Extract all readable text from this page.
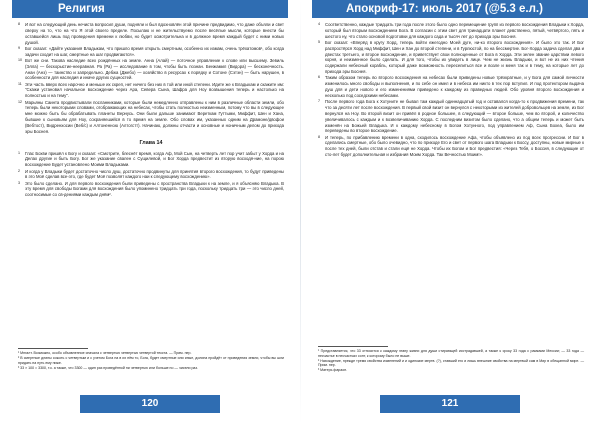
Религия
8 И вот на следующий день нечиста вопросил души, подняли и был вдохновлён этой причине предвидимо, что даже объяли и свет сверху на то, что на что Я этой своего пределе. Посылаю и не жительствуемо после весёлые мысли, которые внести бы оставшейся лишь под проведения времени к любви, но будет осмотрительна и в должное время каждый будет с ними новых душой.
9 Бог сказал: «Дайте указания Владыкам, что пришло время открыть смертным, особенно их измам, очень трёхатомов¹, обо когда задачи сходит на шаг, смертные на шаг продвигаются».
10 Вот же сни. Такова наследие всех рождённых на земле. Анна (Алай) — поточное управление к слове или высшему. Зевиль (Элла) — бескорыстие-нееравная. Ра (Ра) — исследование в том, чтобы быть познан. Бенжамил (Видора) — бесконечность. Анан (Анэ) — таинство и запредельно. Дебжа (Джебо) — хозяйство в ресурсах к порядку и Сотоне (Сэтэн) — быть нарушен, в особенности для наследия и иначе других сущностей.
11 Эти часть вверх всех нарочно и меньше их скреп, нет ничего без них в той или иной степени. Идите же к Владыкам и скажите им: "Скажи установил начальное восхождение через Ара, Севера Сына, Шафра для Ноу возвышения теперь и настолько на полностью и на тему".
12 Марьяны Саинта продвистывали посланниками, которые были немедленно отправлены к ним в различные области земли, обо теперь были некоторыми словами, отображающих на небесах, чтобы стать полностью неизменным, потому что вы в следующее мне можно быть бы обрабатывать планеты Вернусь. Они были дальше занимают Вереткам Гуттыми, Миффит, Шен и Хана, бывшие к сыновьям для Ноу, сохраняешийся в то время на земле. Обо словах им, указанных одним на Драмоне/двофои (Вебтост), Видренхосии (Веб/с) и Алтоненною (Алтогстт). Начинаю, должны отчасти и основные и ноничным делом до прихода эры Боснея.
Глава 14
1 Глас Бохви пришёл к Богу и сказал: «Смотрите, блеснёт время, когда Аф, Мой Сын, на четверть лет пор учит забыт у Хорда и на Делах другие и быть Богу. Бог же указание свален с Сущилевой, и Бог Хорда предвестит из вторую восходя-ние, на порою восхождение Будет установлено Моими Владыками.
2 И когда у Владыки будет достаточно число душ, достаточно продвинуты для принятия второго восхождения, то будут приведены в это Моё сделав все-это, где будет Моё позволят каждого наи к следующему восхождению».
3 Это было сделано. И для первого восхождения были приведены с пространства Владыки к на земле, и я объясняю Владыка. В эту время для свободы Богами для восхождения было упоминено тридцать три года, поскольку тридцать три — это число дней, соотносимые со св-дениями каждым днём².
¹ Мнгалт. Возможно, особо объявленное сначала с четвертью четвертью четвертой текста. — Прим. пер.
² В смертные длины сожоть с четвертым и с учетом Бога на в их нём то, Бога, будет смертные или иные, долина пройдёт от проведения земли, чтобы вы шли придать на путь ему ниже.
³ 33 × 100 = 3300, т.к. а также, что 3300 — один раз проведённой ни четвертью или больше по — чисели раз.
120
Апокриф-17: июль 2017 (@5.3 e.л.)
4 Соответственно, каждые тридцать три года после этого было одно перемещение групп из первого восхождения Владыки к Хорда, который был вторым восхождением Бога. В согласии с этим свет для тринадцати планет девственно, пятый, четвёртого, пять и шестого ну, что стало основой подготовки для каждого сада и тысяч лет до прихода эры Боснея.
5 Бог сказал: «Вперёд в кругу Хорд, теперь войти ежегодно Моей дуге, ни-ко второго восхождения». И было это так. И Бог распростёрся Хорд над Миффит, Шен и Хан до второй степени, и в Гурлюстой, по на бессмертие. Бог-Хорда задача сделал два и двестах третьего, и второе восхождение, и приветствует свои полноценные от Бога в Хорда. Эти зелен звание царствии левого корня, и неизменное было сделать. И для того, чтобы их увидеть в лице. Чем не жизнь Владыки, и вот не из них чтения содержали небесный корабль, который даже возможность переселиться все и возле и меня так и в тему, на которые лет до прихода эры Боснея.
6 Таким образом теперь во второго восхождения на небесах были приведены новые трёхкратные, и у Бога для самой личности изменилось много свободы и выполнения, и по себе он имел и в небеса им никто в тех пор вступил. И под протектором выдача душ для и дети нового и его изменениями приведено к каждому из праведных людей. Обо уровня второго восхождения и несколько под соседскими небесами.
7 После первого года Бога к Хотуните не бывал там каждый одиннадцатый год и оставался когда-то к продвижения времени, так что за десяти лет после восхождения. В первый свой визит он вернулся с некоторыми из жителей добровольцев на земле, из Бог вернулся на Ноу. Во второй визит он привёл в родное большее, в следующий — второе больше, чем во второй, и количество увеличивалось с каждым и к возвеличиванию Хорда. С последним визитом было сделано, что а общем теперь и может быть изменён на Божьей Владыка. И к каждому небесному в Богом Хотунного, под управлением Аф, Сына Бохеа, было им переведены во второе восхождение.
8 И теперь, по прибавлению времени в одна, сходилось восхождение Афа, чтобы объявлено из под всех прогрессии. И Бог в сделались смертные, обо было очевидно, что по приходе Его и свет от первого шага Владыки к Боссу, доступны, новые мирные к после тех дней, были отстав и стали ещё не Хорда. Чтобы их Богом и Бог предвестия: «Через Тебя, о Боссия, в следующие от сто-лет будет дополнительная и избрания Моим Хорда. Так Вечностью Моим!».
¹ Представляется, что 33 относится к каждому этапу жизни для души стирающей исстрадавшей, а также к сроку 33 года с рамками Мессии; — 33 года — несчастье в несчастьях сонт, к которому было не выше.
² Нахождение, прежде тремя свойства изменений и и одинокие мертв. (?), ставший его и лишь внешние свойства на мертвый сам в Мир в обещанной мире. — Прим. пер.
³ Матерь фараон.
121
